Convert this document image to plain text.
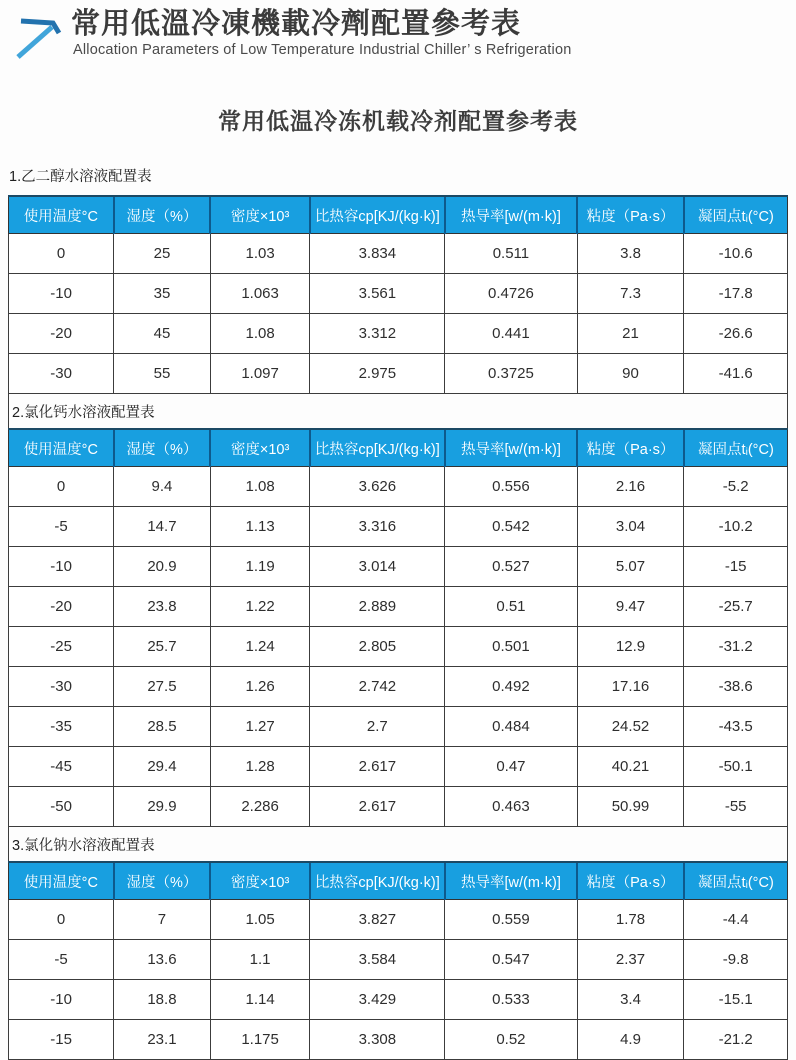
常用低溫冷凍機載冷劑配置參考表
Allocation Parameters of Low Temperature Industrial Chiller’ s Refrigeration
常用低温冷冻机载冷剂配置参考表
1.乙二醇水溶液配置表
使用温度°C	湿度（%）	密度×10³	比热容cp[KJ/(kg·k)]	热导率[w/(m·k)]	粘度（Pa·s）	凝固点tᵢ(°C)
0	25	1.03	3.834	0.511	3.8	-10.6
-10	35	1.063	3.561	0.4726	7.3	-17.8
-20	45	1.08	3.312	0.441	21	-26.6
-30	55	1.097	2.975	0.3725	90	-41.6
2.氯化钙水溶液配置表						
使用温度°C	湿度（%）	密度×10³	比热容cp[KJ/(kg·k)]	热导率[w/(m·k)]	粘度（Pa·s）	凝固点tᵢ(°C)
0	9.4	1.08	3.626	0.556	2.16	-5.2
-5	14.7	1.13	3.316	0.542	3.04	-10.2
-10	20.9	1.19	3.014	0.527	5.07	-15
-20	23.8	1.22	2.889	0.51	9.47	-25.7
-25	25.7	1.24	2.805	0.501	12.9	-31.2
-30	27.5	1.26	2.742	0.492	17.16	-38.6
-35	28.5	1.27	2.7	0.484	24.52	-43.5
-45	29.4	1.28	2.617	0.47	40.21	-50.1
-50	29.9	2.286	2.617	0.463	50.99	-55
3.氯化钠水溶液配置表						
使用温度°C	湿度（%）	密度×10³	比热容cp[KJ/(kg·k)]	热导率[w/(m·k)]	粘度（Pa·s）	凝固点tᵢ(°C)
0	7	1.05	3.827	0.559	1.78	-4.4
-5	13.6	1.1	3.584	0.547	2.37	-9.8
-10	18.8	1.14	3.429	0.533	3.4	-15.1
-15	23.1	1.175	3.308	0.52	4.9	-21.2
